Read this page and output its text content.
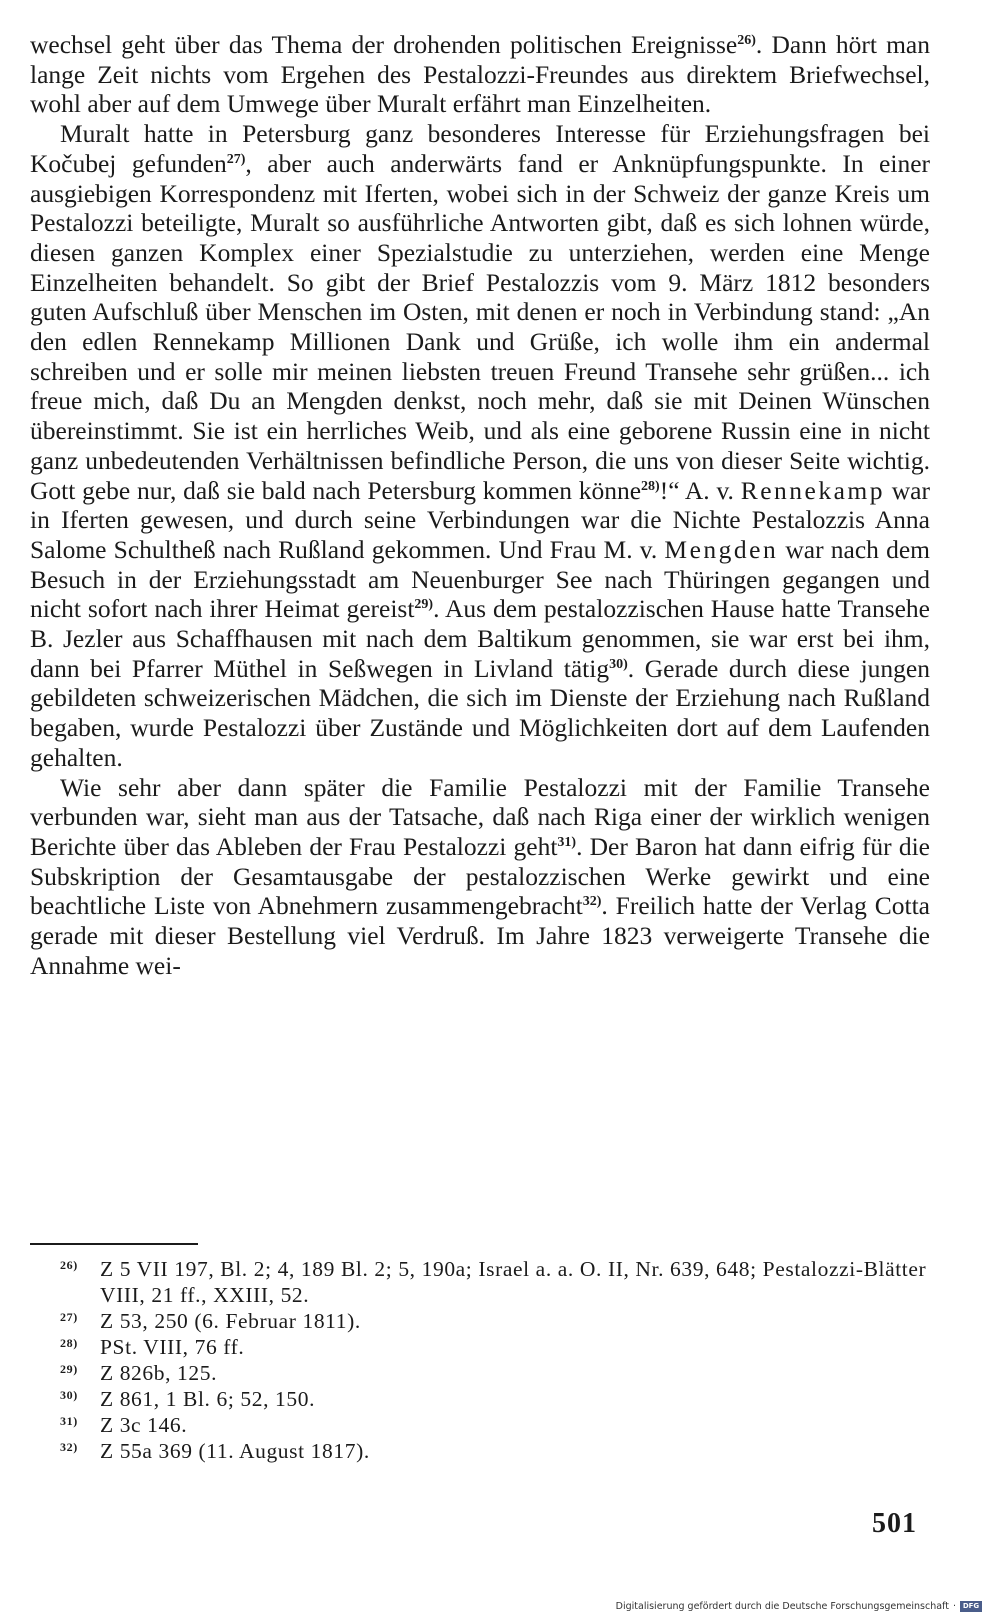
wechsel geht über das Thema der drohenden politischen Ereignisse$^{26)}$. Dann hört man lange Zeit nichts vom Ergehen des Pestalozzi-Freundes aus direktem Briefwechsel, wohl aber auf dem Umwege über Muralt erfährt man Einzelheiten.

Muralt hatte in Petersburg ganz besonderes Interesse für Erziehungsfragen bei Kočubej gefunden$^{27)}$, aber auch anderwärts fand er Anknüpfungspunkte. In einer ausgiebigen Korrespondenz mit Iferten, wobei sich in der Schweiz der ganze Kreis um Pestalozzi beteiligte, Muralt so ausführliche Antworten gibt, daß es sich lohnen würde, diesen ganzen Komplex einer Spezialstudie zu unterziehen, werden eine Menge Einzelheiten behandelt. So gibt der Brief Pestalozzis vom 9. März 1812 besonders guten Aufschluß über Menschen im Osten, mit denen er noch in Verbindung stand: „An den edlen Rennekamp Millionen Dank und Grüße, ich wolle ihm ein andermal schreiben und er solle mir meinen liebsten treuen Freund Transehe sehr grüßen... ich freue mich, daß Du an Mengden denkst, noch mehr, daß sie mit Deinen Wünschen übereinstimmt. Sie ist ein herrliches Weib, und als eine geborene Russin eine in nicht ganz unbedeutenden Verhältnissen befindliche Person, die uns von dieser Seite wichtig. Gott gebe nur, daß sie bald nach Petersburg kommen könne$^{28)}$!“ A. v. Rennekamp war in Iferten gewesen, und durch seine Verbindungen war die Nichte Pestalozzis Anna Salome Schultheß nach Rußland gekommen. Und Frau M. v. Mengden war nach dem Besuch in der Erziehungsstadt am Neuenburger See nach Thüringen gegangen und nicht sofort nach ihrer Heimat gereist$^{29)}$. Aus dem pestalozzischen Hause hatte Transehe B. Jezler aus Schaffhausen mit nach dem Baltikum genommen, sie war erst bei ihm, dann bei Pfarrer Müthel in Seßwegen in Livland tätig$^{30)}$. Gerade durch diese jungen gebildeten schweizerischen Mädchen, die sich im Dienste der Erziehung nach Rußland begaben, wurde Pestalozzi über Zustände und Möglichkeiten dort auf dem Laufenden gehalten.

Wie sehr aber dann später die Familie Pestalozzi mit der Familie Transehe verbunden war, sieht man aus der Tatsache, daß nach Riga einer der wirklich wenigen Berichte über das Ableben der Frau Pestalozzi geht$^{31)}$. Der Baron hat dann eifrig für die Subskription der Gesamtausgabe der pestalozzischen Werke gewirkt und eine beachtliche Liste von Abnehmern zusammengebracht$^{32)}$. Freilich hatte der Verlag Cotta gerade mit dieser Bestellung viel Verdruß. Im Jahre 1823 verweigerte Transehe die Annahme wei-

26) Z 5 VII 197, Bl. 2; 4, 189 Bl. 2; 5, 190a; Israel a. a. O. II, Nr. 639, 648; Pestalozzi-Blätter VIII, 21 ff., XXIII, 52.

27) Z 53, 250 (6. Februar 1811).

28) PSt. VIII, 76 ff.

29) Z 826b, 125.

30) Z 861, 1 Bl. 6; 52, 150.

31) Z 3c 146.

32) Z 55a 369 (11. August 1817).

501
Digitalisierung gefördert durch die Deutsche Forschungsgemeinschaft · DFG
